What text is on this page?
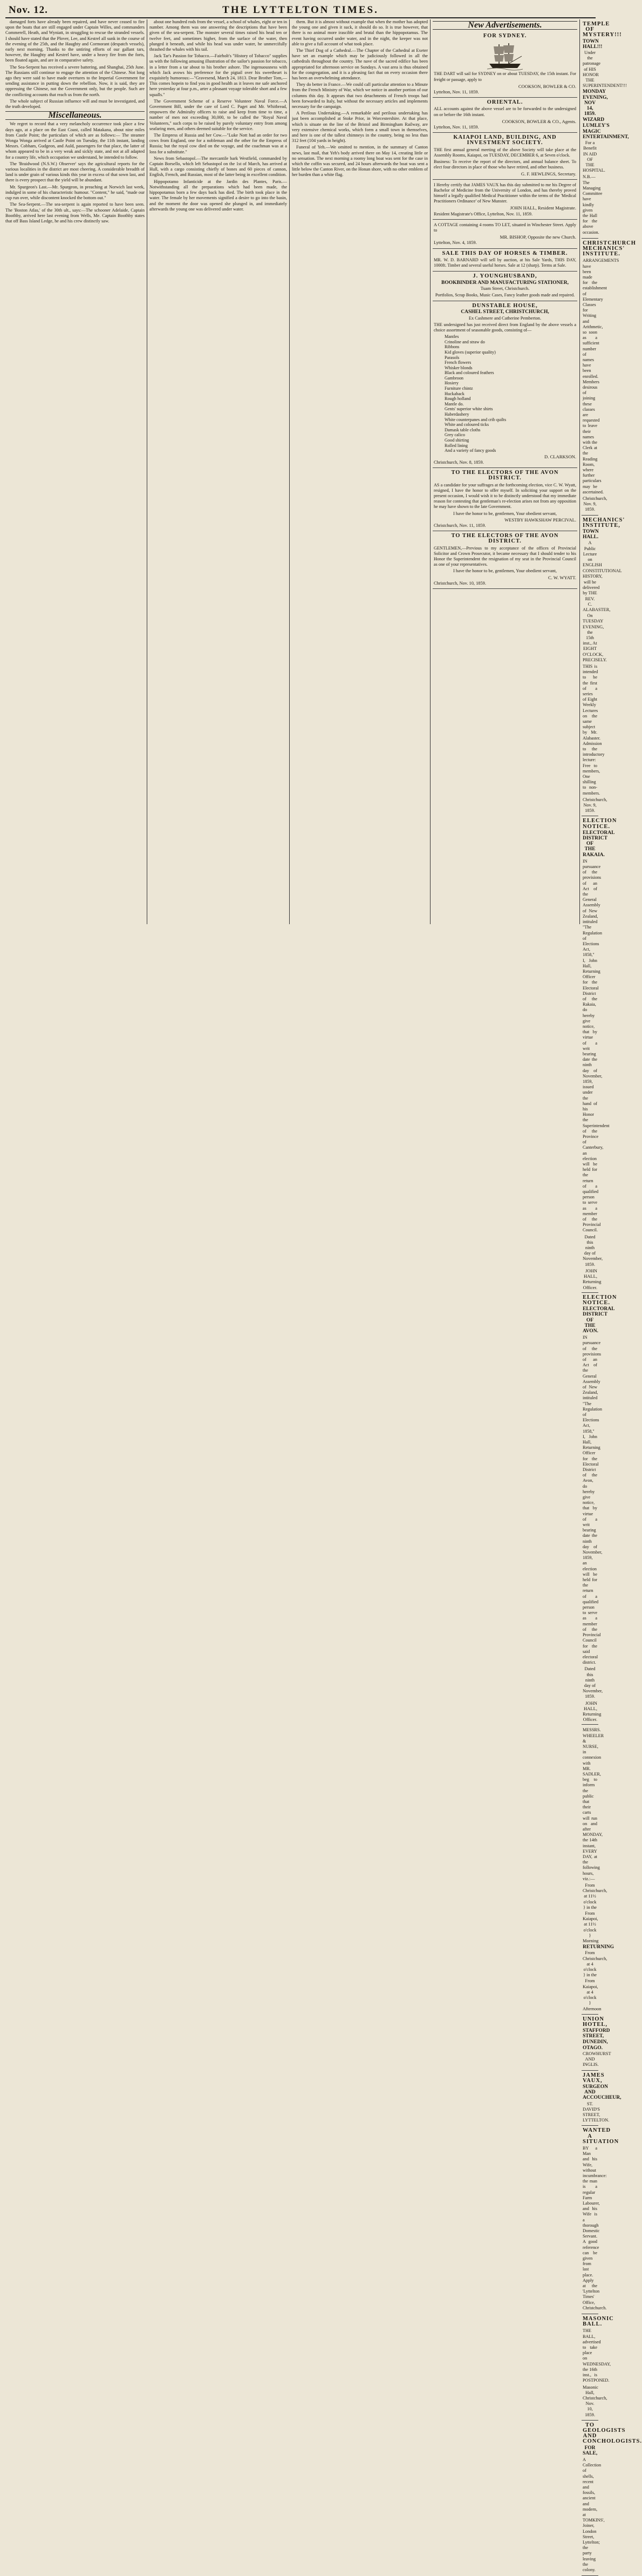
Nov. 12.	THE LYTTELTON TIMES.

damaged forts have already been repaired, and have never ceased to fire upon the boats that are still engaged under Captain Willes, and commanders Commerell, Heath, and Wyniatt, in struggling to rescue the stranded vessels. I should have stated that the Plover, Lee, and Kestrel all sunk in the course of the evening of the 25th, and the Haughty and Cormorant (despatch vessels), early next morning. Thanks to the untiring efforts of our gallant tars, however, the Haughty and Kestrel have, under a heavy fire from the forts, been floated again, and are in comparative safety.

The Sea-Serpent has received a severe battering, and Shanghai, 25th June. The Russians still continue to engage the attention of the Chinese. Not long ago they were said to have made overtures to the Imperial Government for sending assistance in putting down the rebellion. Now, it is said, they are oppressing the Chinese, not the Government only, but the people. Such are the conflicting accounts that reach us from the north.

The whole subject of Russian influence will and must be investigated, and the truth developed.

Miscellaneous.

We regret to record that a very melancholy occurrence took place a few days ago, at a place on the East Coast, called Matakana, about nine miles from Castle Point; the particulars of which are as follows:— The steamer Wonga Wonga arrived at Castle Point on Tuesday, the 11th instant, landing Messrs. Cobham, Gudgeon, and Auld, passengers for that place, the latter of whom appeared to be in a very weak and sickly state, and not at all adapted for a country life, which occupation we understand, he intended to follow.

The 'Braidwood (N.S.W.) Observer' says the agricultural reports for the various localities in the district are most cheering. A considerable breadth of land is under grain of various kinds this year in excess of that sown last, and there is every prospect that the yield will be abundant.

Mr. Spurgeon's Last.—Mr. Spurgeon, in preaching at Norwich last week, indulged in some of his characteristic humour. "Content," he said, "made our cup run over, while discontent knocked the bottom out."

The Sea-Serpent.—The sea-serpent is again reported to have been seen. The 'Boston Atlas,' of the 30th ult., says:—The schooner Adelaide, Captain Boothby, arrived here last evening from Wells, Me. Captain Boothby states that off Bass Island Ledge, he and his crew distinctly saw.

about one hundred rods from the vessel, a school of whales, eight or ten in number. Among them was one answering the descriptions that have been given of the sea-serpent. The monster several times raised his head ten or twelve feet, and sometimes higher, from the surface of the water, then plunged it beneath, and while his head was under water, he unmercifully thrashed the whales with his tail.

Jack Tar's Passion for Tobacco.—Fairholt's "History of Tobacco" supplies us with the following amusing illustration of the sailor's passion for tobacco, in a letter from a tar about to his brother ashore. The ingenuousness with which Jack avows his preference for the pigtail over his sweetheart is exquisitely humorous:—"Gravesend, March 24, 1813. Dear Brother Tom,—This comes hopein to find you in good health as it leaves me safe anchored here yesterday at four p.m., arter a pleasant voyage tolerable short and a few squalls."

The Government Scheme of a Reserve Volunteer Naval Force.—A Government Bill, under the care of Lord C. Paget and Mr. Whitbread, empowers the Admiralty officers to raise and keep from time to time, a number of men not exceeding 30,000, to be called the "Royal Naval Volunteers," such corps to be raised by purely voluntary entry from among seafaring men, and others deemed suitable for the service.

The Empress of Russia and her Cow.—"Luke Nott had an order for two cows from England, one for a nobleman and the other for the Empress of Russia; but the royal cow died on the voyage, and the coachman was at a loss for a substitute."

News from Sebastopol.—The mercantile bark Westfield, commanded by Captain Borsello, which left Sebastopol on the 1st of March, has arrived at Hull, with a cargo consisting chiefly of bones and 60 pieces of cannon, English, French, and Russian, most of the latter being in excellent condition.

Hippopotamo Infanticide at the Jardin des Plantes, Paris.—Notwithstanding all the preparations which had been made, the hippopotamus born a few days back has died. The birth took place in the water. The female by her movements signified a desire to go into the basin, and the moment the door was opened she plunged in, and immediately afterwards the young one was delivered under water.

them. But it is almost without example that when the mother has adopted the young one and given it suck, it should do so. It is true however, that there is no animal more irascible and brutal than the hippopotamus. The event having occurred under water, and in the night, the keeper was not able to give a full account of what took place.

The Thief Dog of a Cathedral.—The Chapter of the Cathedral at Exeter have set an example which may be judiciously followed in all the cathedrals throughout the country. The nave of the sacred edifice has been appropriated for afternoon service on Sundays. A vast area is thus obtained for the congregation, and it is a pleasing fact that on every occasion there has been an overwhelming attendance.

They do better in France.—We could call particular attention to a Minute from the French Ministry of War, which we notice in another portion of our columns this day. It appears that two detachments of French troops had been forwarded to Italy, but without the necessary articles and implements necessary for the campaign.

A Perilous Undertaking.—A remarkable and perilous undertaking has just been accomplished at Stoke Prior, in Worcestershire. At that place, which is situate on the line of the Bristol and Birmingham Railway, are very extensive chemical works, which form a small town in themselves, and here is one of the tallest chimneys in the country, being no less than 312 feet (104 yards in height).

Funeral of Yeh.—We omitted to mention, in the summary of Canton news, last mail, that Yeh's body arrived there on May 14, creating little or no sensation. The next morning a roomy long boat was sent for the case in which the coffin was secured, and 24 hours afterwards the boat was sent a little below the Canton River, on the Honan shore, with no other emblem of her burden than a white flag.

New Advertisements.
FOR SYDNEY.
THE DART will sail for SYDNEY on or about TUESDAY, the 15th instant. For freight or passage, apply to
COOKSON, BOWLER & CO.
Lyttelton, Nov. 11, 1859.
ORIENTAL.
ALL accounts against the above vessel are to be forwarded to the undersigned on or before the 16th instant.
COOKSON, BOWLER & CO., Agents.
Lyttelton, Nov. 11, 1859.
KAIAPOI LAND, BUILDING, AND INVESTMENT SOCIETY.
THE first annual general meeting of the above Society will take place at the Assembly Rooms, Kaiapoi, on TUESDAY, DECEMBER 6, at Seven o'clock.
Business: To receive the report of the directors, and annual balance sheet. To elect four directors in place of those who have retired, and other business.
G. F. HEWLINGS, Secretary.
I Hereby certify that JAMES VAUX has this day submitted to me his Degree of Bachelor of Medicine from the University of London, and has thereby proved himself a legally qualified Medical Practitioner within the terms of the 'Medical Practitioners Ordinance' of New Munster.
JOHN HALL, Resident Magistrate.
Resident Magistrate's Office, Lyttelton, Nov. 11, 1859.
A COTTAGE containing 4 rooms TO LET, situated in Winchester Street. Apply to
MR. BISHOP, Opposite the new Church.
Lyttelton, Nov. 4, 1859.
SALE THIS DAY OF HORSES & TIMBER.
MR. W. D. BARNARD will sell by auction, at his Sale Yards, THIS DAY, 1000ft. Timber and several useful horses. Sale at 12 (sharp). Terms at Sale.
J. YOUNGHUSBAND,
BOOKBINDER AND MANUFACTURING STATIONER,
Tuam Street, Christchurch.
Portfolios, Scrap Books, Music Cases, Fancy leather goods made and repaired.
DUNSTABLE HOUSE,
CASHEL STREET, CHRISTCHURCH,
Ex Cashmere and Catherine Pemberton.
THE undersigned has just received direct from England by the above vessels a choice assortment of seasonable goods, consisting of—
Mantles
Crinoline and straw do
Ribbons
Kid gloves (superior quality)
Parasols
French flowers
Whisker blonds
Black and coloured feathers
Gambroon
Hosiery
Furniture chintz
Huckaback
Rough holland
Mantle do.
Gents' superior white shirts
Haberdashery
White counterpanes and crib quilts
White and coloured ticks
Damask table cloths
Grey calico
Good shirting
Rolled lining
And a variety of fancy goods
D. CLARKSON.
Christchurch, Nov. 8, 1859.
TO THE ELECTORS OF THE AVON DISTRICT.
AS a candidate for your suffrages at the forthcoming election, vice C. W. Wyatt, resigned, I have the honor to offer myself. In soliciting your support on the present occasion, I would wish it to be distinctly understood that my immediate reason for contesting that gentleman's re-election arises not from any opposition he may have shown to the late Government.
I have the honor to be, gentlemen, Your obedient servant,
WESTBY HAWKSHAW PERCIVAL.
Christchurch, Nov. 11, 1859.
TO THE ELECTORS OF THE AVON DISTRICT.
GENTLEMEN,—Previous to my acceptance of the offices of Provincial Solicitor and Crown Prosecutor, it became necessary that I should tender to his Honor the Superintendent the resignation of my seat in the Provincial Council as one of your representatives.
I have the honor to be, gentlemen, Your obedient servant,
C. W. WYATT.
Christchurch, Nov. 10, 1859.
TEMPLE OF MYSTERY!!!
TOWN HALL!!!
Under the patronage of HIS HONOR THE SUPERINTENDENT!!!
MONDAY EVENING, NOV 14, 1859.
WIZARD LUMLEY'S
MAGIC ENTERTAINMENT,
For a Benefit IN AID OF THE HOSPITAL.
N.B.—The Managing Committee have kindly given the Hall for the above occasion.
CHRISTCHURCH MECHANICS' INSTITUTE.
ARRANGEMENTS have been made for the establishment of Elementary Classes for Writing and Arithmetic, so soon as a sufficient number of names have been enrolled. Members desirous of joining these classes are requested to leave their names with the Clerk at the Reading Room, where further particulars may be ascertained.
Christchurch, Nov. 9, 1859.
MECHANICS' INSTITUTE,
TOWN HALL.
A Public Lecture on ENGLISH CONSTITUTIONAL HISTORY,
will be delivered by THE REV. C. ALABASTER,
On TUESDAY EVENING, the 15th inst., At EIGHT O'CLOCK, PRECISELY.
THIS is intended to be the first of a series of Eight Weekly Lectures on the same subject by Mr. Alabaster. Admission to the introductory lecture: Free to members, One shilling to non-members.
Christchurch, Nov. 9, 1859.
ELECTION NOTICE.
ELECTORAL DISTRICT OF THE RAKAIA.
IN pursuance of the provisions of an Act of the General Assembly of New Zealand, intituled "The Regulation of Elections Act, 1858," I, John Hall, Returning Officer for the Electoral District of the Rakaia, do hereby give notice, that by virtue of a writ bearing date the ninth day of November, 1859, issued under the hand of his Honor the Superintendent of the Province of Canterbury, an election will be held for the return of a qualified person to serve as a member of the Provincial Council.
Dated this ninth day of November, 1859.
JOHN HALL, Returning Officer.
ELECTION NOTICE.
ELECTORAL DISTRICT OF THE AVON.
IN pursuance of the provisions of an Act of the General Assembly of New Zealand, intituled "The Regulation of Elections Act, 1858," I, John Hall, Returning Officer for the Electoral District of the Avon, do hereby give notice, that by virtue of a writ bearing date the ninth day of November, 1859, an election will be held for the return of a qualified person to serve as a member of the Provincial Council for the said electoral district.
Dated this ninth day of November, 1859.
JOHN HALL, Returning Officer.
MESSRS. WHEELER & NURSE, in connexion with MR. SADLER, beg to inform the public that their carts will run on and after MONDAY, the 14th instant, EVERY DAY, at the following hours, viz.:—
From Christchurch, at 11½ o'clock } in the
From Kaiapoi, at 11½ o'clock } Morning
RETURNING
From Christchurch, at 4 o'clock } in the
From Kaiapoi, at 4 o'clock } Afternoon
UNION HOTEL,
STAFFORD STREET, DUNEDIN,
OTAGO.
CROWHURST AND INGLIS.
JAMES VAUX,
SURGEON AND ACCOUCHEUR,
ST. DAVID'S STREET, LYTTELTON.
WANTED A SITUATION
BY a Man and his Wife, without incumbrance: the man is a regular Farm Labourer, and his Wife is a thorough Domestic Servant. A good reference can be given from last place. Apply at the 'Lyttelton Times' Office, Christchurch.
MASONIC BALL.
THE BALL, advertised to take place on WEDNESDAY, the 16th inst., is POSTPONED.
Masonic Hall, Christchurch, Nov. 10, 1859.
TO GEOLOGISTS AND CONCHOLOGISTS.
FOR SALE,
A Collection of shells, recent and fossils, ancient and modern, at TOMKINS', Joiner, London Street, Lyttelton; the party leaving the colony.
